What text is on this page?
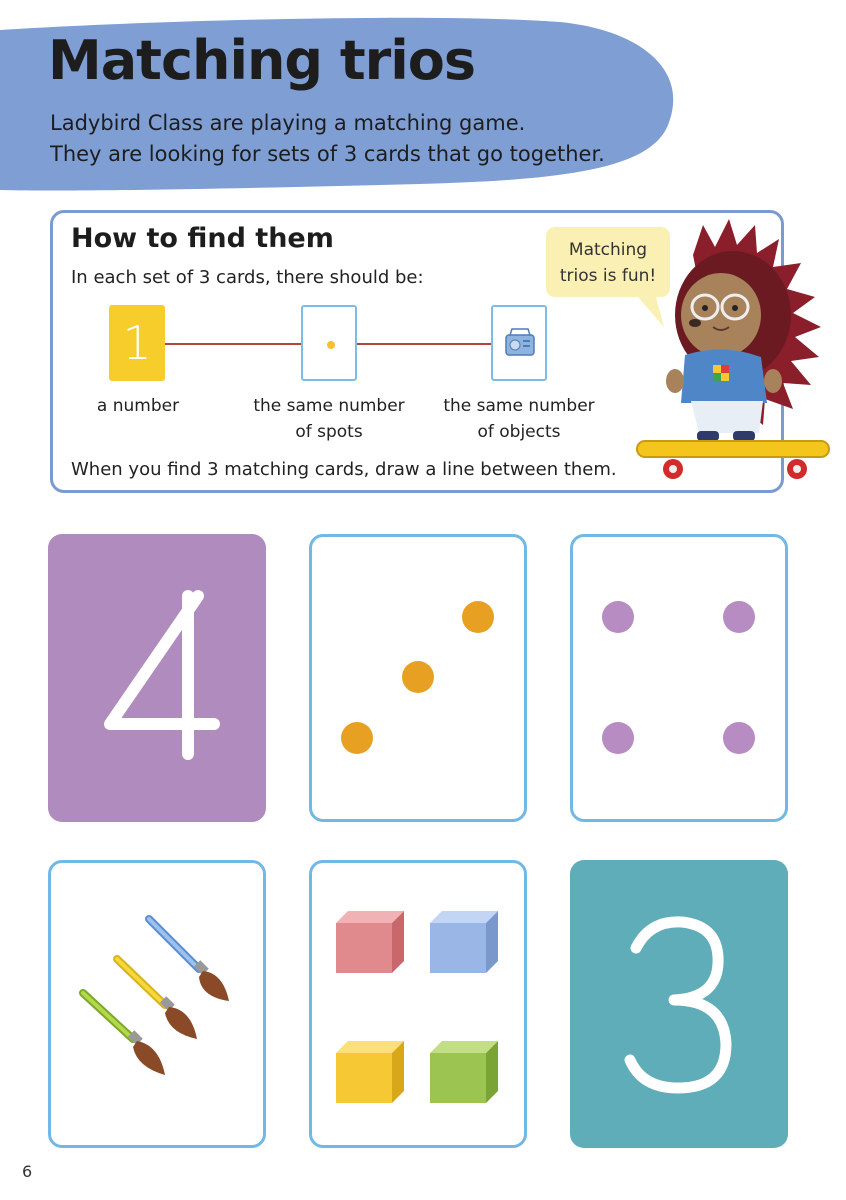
Matching trios
Ladybird Class are playing a matching game.
They are looking for sets of 3 cards that go together.
How to find them
In each set of 3 cards, there should be:
1
a number	the same number
of spots
the same number
of objects
When you find 3 matching cards, draw a line between them.
Matching
trios is fun!
6
